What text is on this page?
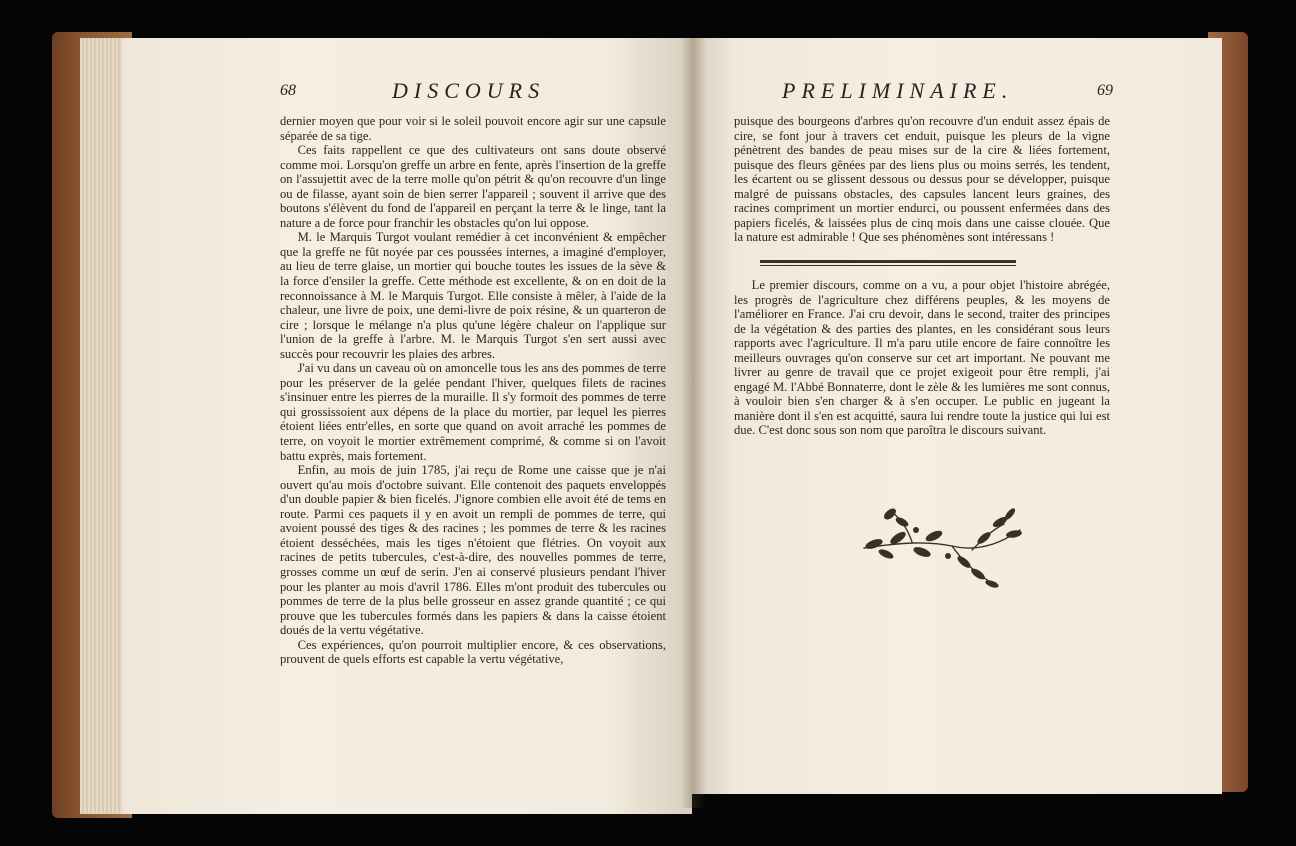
68	DISCOURS

dernier moyen que pour voir si le soleil pouvoit encore agir sur une capsule séparée de sa tige.

Ces faits rappellent ce que des cultivateurs ont sans doute observé comme moi. Lorsqu'on greffe un arbre en fente, après l'insertion de la greffe on l'assujettit avec de la terre molle qu'on pétrit & qu'on recouvre d'un linge ou de filasse, ayant soin de bien serrer l'appareil ; souvent il arrive que des boutons s'élèvent du fond de l'appareil en perçant la terre & le linge, tant la nature a de force pour franchir les obstacles qu'on lui oppose.

M. le Marquis Turgot voulant remédier à cet inconvénient & empêcher que la greffe ne fût noyée par ces poussées internes, a imaginé d'employer, au lieu de terre glaise, un mortier qui bouche toutes les issues de la sève & la force d'ensiler la greffe. Cette méthode est excellente, & on en doit de la reconnoissance à M. le Marquis Turgot. Elle consiste à mêler, à l'aide de la chaleur, une livre de poix, une demi-livre de poix résine, & un quarteron de cire ; lorsque le mélange n'a plus qu'une légère chaleur on l'applique sur l'union de la greffe à l'arbre. M. le Marquis Turgot s'en sert aussi avec succès pour recouvrir les plaies des arbres.

J'ai vu dans un caveau où on amoncelle tous les ans des pommes de terre pour les préserver de la gelée pendant l'hiver, quelques filets de racines s'insinuer entre les pierres de la muraille. Il s'y formoit des pommes de terre qui grossissoient aux dépens de la place du mortier, par lequel les pierres étoient liées entr'elles, en sorte que quand on avoit arraché les pommes de terre, on voyoit le mortier extrêmement comprimé, & comme si on l'avoit battu exprès, mais fortement.

Enfin, au mois de juin 1785, j'ai reçu de Rome une caisse que je n'ai ouvert qu'au mois d'octobre suivant. Elle contenoit des paquets enveloppés d'un double papier & bien ficelés. J'ignore combien elle avoit été de tems en route. Parmi ces paquets il y en avoit un rempli de pommes de terre, qui avoient poussé des tiges & des racines ; les pommes de terre & les racines étoient desséchées, mais les tiges n'étoient que flétries. On voyoit aux racines de petits tubercules, c'est-à-dire, des nouvelles pommes de terre, grosses comme un œuf de serin. J'en ai conservé plusieurs pendant l'hiver pour les planter au mois d'avril 1786. Elles m'ont produit des tubercules ou pommes de terre de la plus belle grosseur en assez grande quantité ; ce qui prouve que les tubercules formés dans les papiers & dans la caisse étoient doués de la vertu végétative.

Ces expériences, qu'on pourroit multiplier encore, & ces observations, prouvent de quels efforts est capable la vertu végétative,

PRELIMINAIRE.	69

puisque des bourgeons d'arbres qu'on recouvre d'un enduit assez épais de cire, se font jour à travers cet enduit, puisque les pleurs de la vigne pénètrent des bandes de peau mises sur de la cire & liées fortement, puisque des fleurs gênées par des liens plus ou moins serrés, les tendent, les écartent ou se glissent dessous ou dessus pour se développer, puisque malgré de puissans obstacles, des capsules lancent leurs graines, des racines compriment un mortier endurci, ou poussent enfermées dans des papiers ficelés, & laissées plus de cinq mois dans une caisse clouée. Que la nature est admirable ! Que ses phénomènes sont intéressans !

Le premier discours, comme on a vu, a pour objet l'histoire abrégée, les progrès de l'agriculture chez différens peuples, & les moyens de l'améliorer en France. J'ai cru devoir, dans le second, traiter des principes de la végétation & des parties des plantes, en les considérant sous leurs rapports avec l'agriculture. Il m'a paru utile encore de faire connoître les meilleurs ouvrages qu'on conserve sur cet art important. Ne pouvant me livrer au genre de travail que ce projet exigeoit pour être rempli, j'ai engagé M. l'Abbé Bonnaterre, dont le zèle & les lumières me sont connus, à vouloir bien s'en charger & à s'en occuper. Le public en jugeant la manière dont il s'en est acquitté, saura lui rendre toute la justice qui lui est due. C'est donc sous son nom que paroîtra le discours suivant.
